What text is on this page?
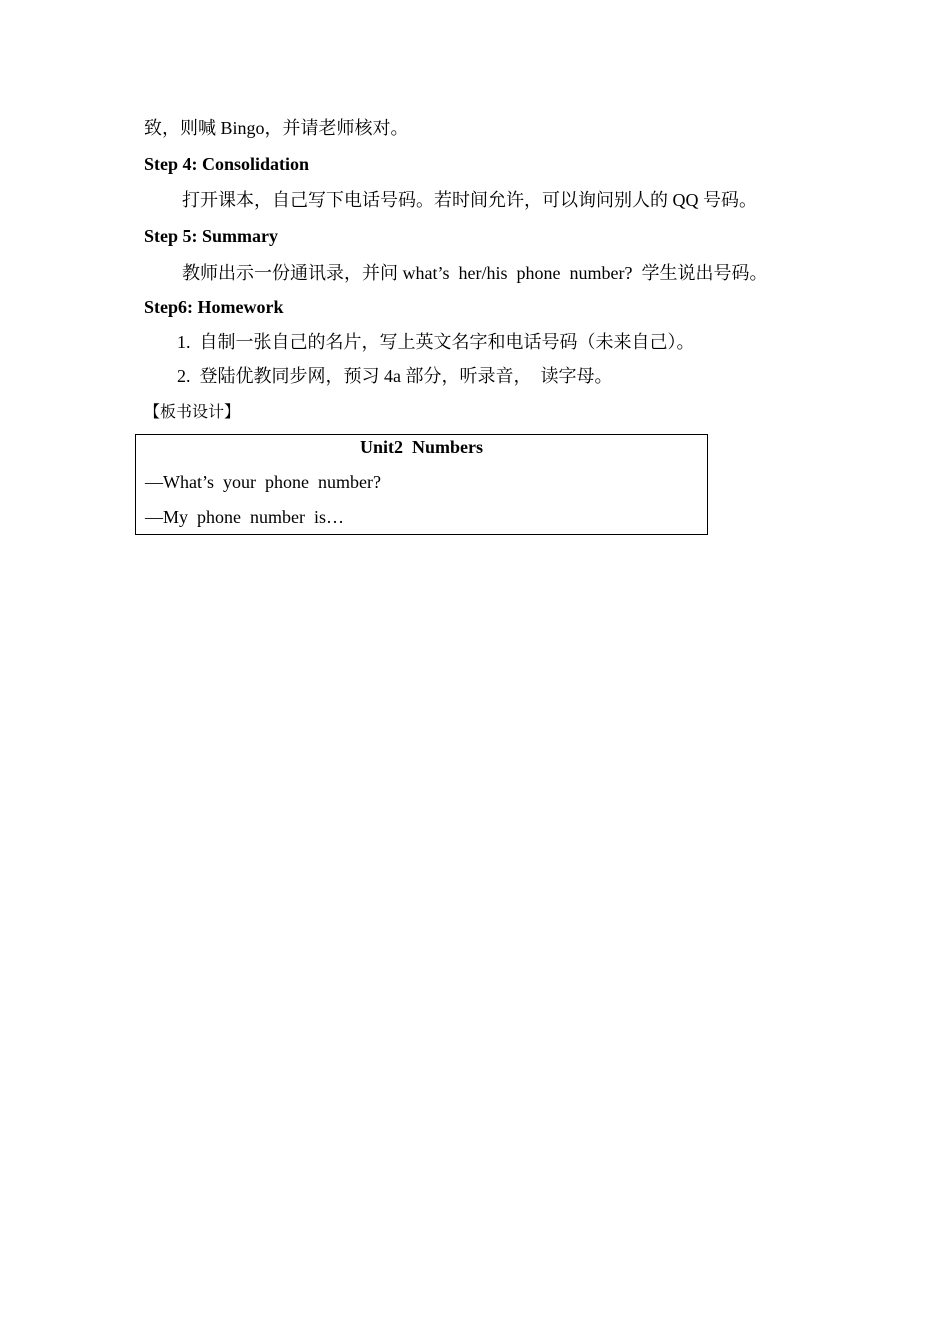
致，则喊 Bingo，并请老师核对。
Step 4: Consolidation
打开课本，自己写下电话号码。若时间允许，可以询问别人的 QQ 号码。
Step 5: Summary
教师出示一份通讯录，并问 what’s  her/his  phone  number?  学生说出号码。
Step6: Homework
1.  自制一张自己的名片，写上英文名字和电话号码（未来自己）。
2.  登陆优教同步网，预习 4a 部分，听录音，  读字母。
【板书设计】
Unit2  Numbers
—What’s  your  phone  number?
—My  phone  number  is…
